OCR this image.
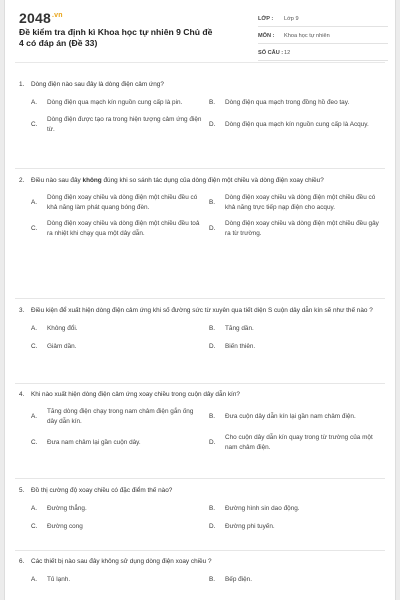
$2048^{.vn}$
Đề kiểm tra định kì Khoa học tự nhiên 9 Chủ đề 4 có đáp án (Đề 33)
LỚP :	Lớp 9
MÔN :	Khoa học tự nhiên
SỐ CÂU : 12
1.	Dòng điện nào sau đây là dòng điện cảm ứng?
A.	Dòng điện qua mạch kín nguồn cung cấp là pin.	B.	Dòng điện qua mạch trong đồng hồ đeo tay.
C.
Dòng điện được tạo ra trong hiện tượng cảm ứng điện từ.
D.	Dòng điện qua mạch kín nguồn cung cấp là Acquy.
2.	Điều nào sau đây không đúng khi so sánh tác dụng của dòng điện một chiều và dòng điện xoay chiều?
A.
Dòng điện xoay chiều và dòng điện một chiều đều có khả năng làm phát quang bóng đèn.
B.
Dòng điện xoay chiều và dòng điện một chiều đều có khả năng trực tiếp nạp điện cho acquy.
C.
Dòng điện xoay chiều và dòng điện một chiều đều toả ra nhiệt khi chạy qua một dây dẫn.
D.
Dòng điện xoay chiều và dòng điện một chiều đều gây ra từ trường.
3.	Điều kiện để xuất hiện dòng điện cảm ứng khi số đường sức từ xuyên qua tiết diện S cuộn dây dẫn kín sẽ như thế nào ?
A.	Không đổi.	B.	Tăng dần.
C.	Giảm dần.	D.	Biến thiên.
4.	Khi nào xuất hiện dòng điện cảm ứng xoay chiều trong cuộn dây dẫn kín?
A.
Tăng dòng điện chạy trong nam châm điện gắn ống dây dẫn kín.
B.	Đưa cuộn dây dẫn kín lại gần nam châm điện.
C.	Đưa nam châm lại gần cuộn dây.	D.
Cho cuộn dây dẫn kín quay trong từ trường của một nam châm điện.
5.	Đồ thị cường độ xoay chiều có đặc điểm thế nào?
A.	Đường thẳng.	B.	Đường hình sin dao động.
C.	Đường cong	D.	Đường phi tuyến.
6.	Các thiết bị nào sau đây không sử dụng dòng điện xoay chiều ?
A.	Tủ lạnh.	B.	Bếp điện.
